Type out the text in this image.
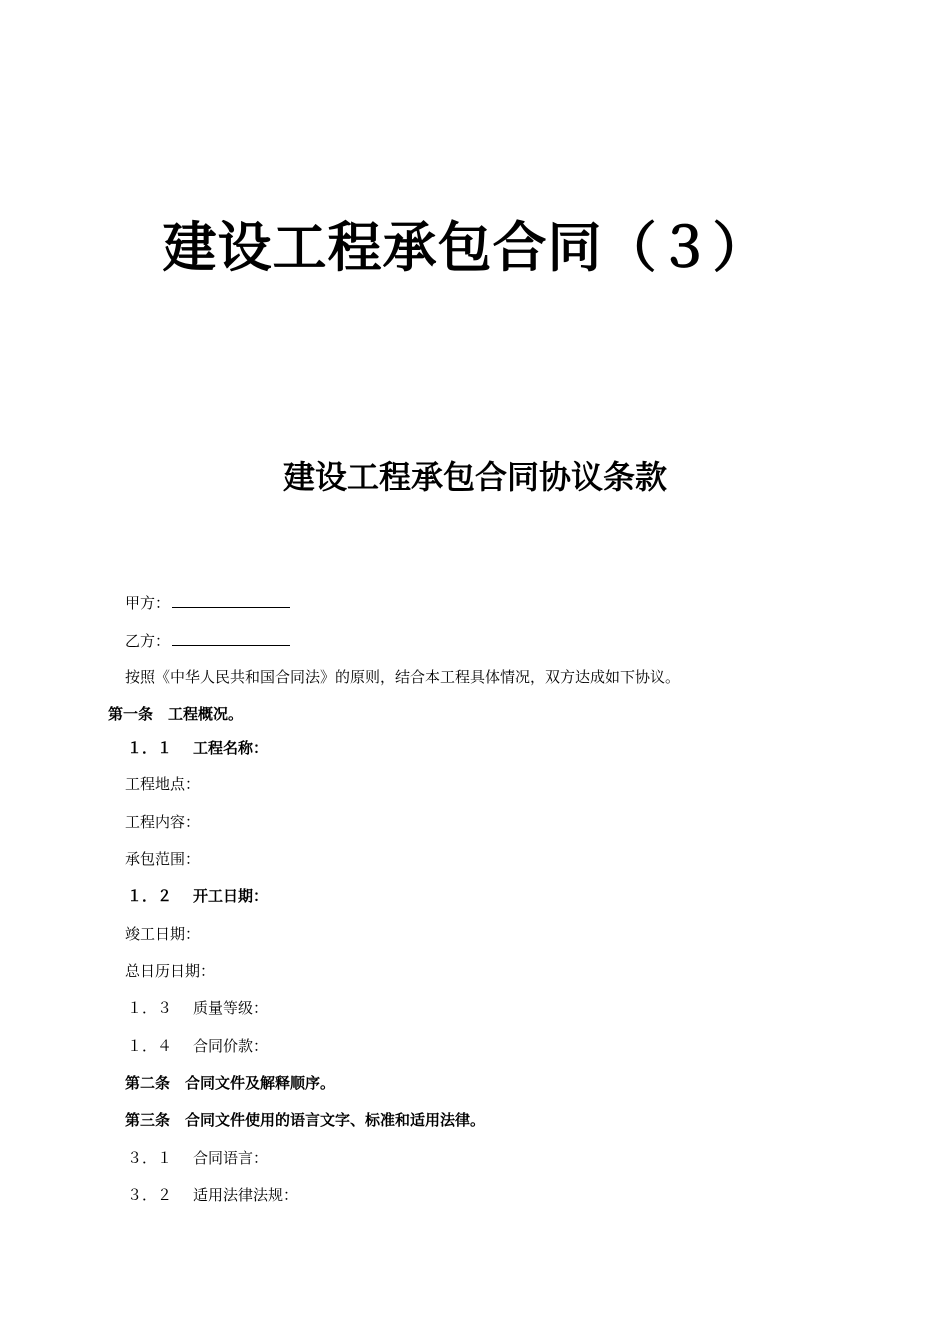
建设工程承包合同（３）
建设工程承包合同协议条款
甲方：
乙方：
按照《中华人民共和国合同法》的原则，结合本工程具体情况，双方达成如下协议。
第一条　工程概况。
１．１ 工程名称：
工程地点：
工程内容：
承包范围：
１．２ 开工日期：
竣工日期：
总日历日期：
１．３ 质量等级：
１．４ 合同价款：
第二条　合同文件及解释顺序。
第三条　合同文件使用的语言文字、标准和适用法律。
３．１ 合同语言：
３．２ 适用法律法规：
